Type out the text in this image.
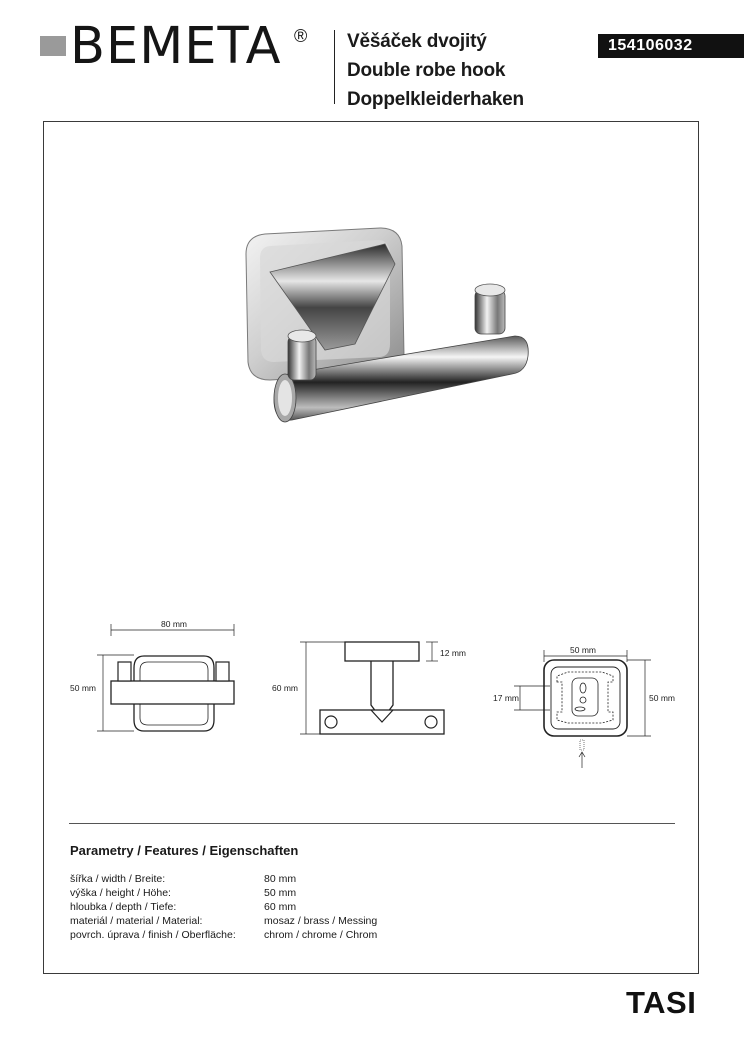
BEMETA ® Věšáček dvojitý
Double robe hook
Doppelkleiderhaken
154106032
80 mm
50 mm	60 mm
12 mm	50 mm
50 mm
17 mm
Parametry / Features / Eigenschaften
šířka / width / Breite:	80 mm
výška / height / Höhe:	50 mm
hloubka / depth / Tiefe:	60 mm
materiál / material / Material:	mosaz / brass / Messing
povrch. úprava / finish / Oberfläche:	chrom / chrome / Chrom
TASI
